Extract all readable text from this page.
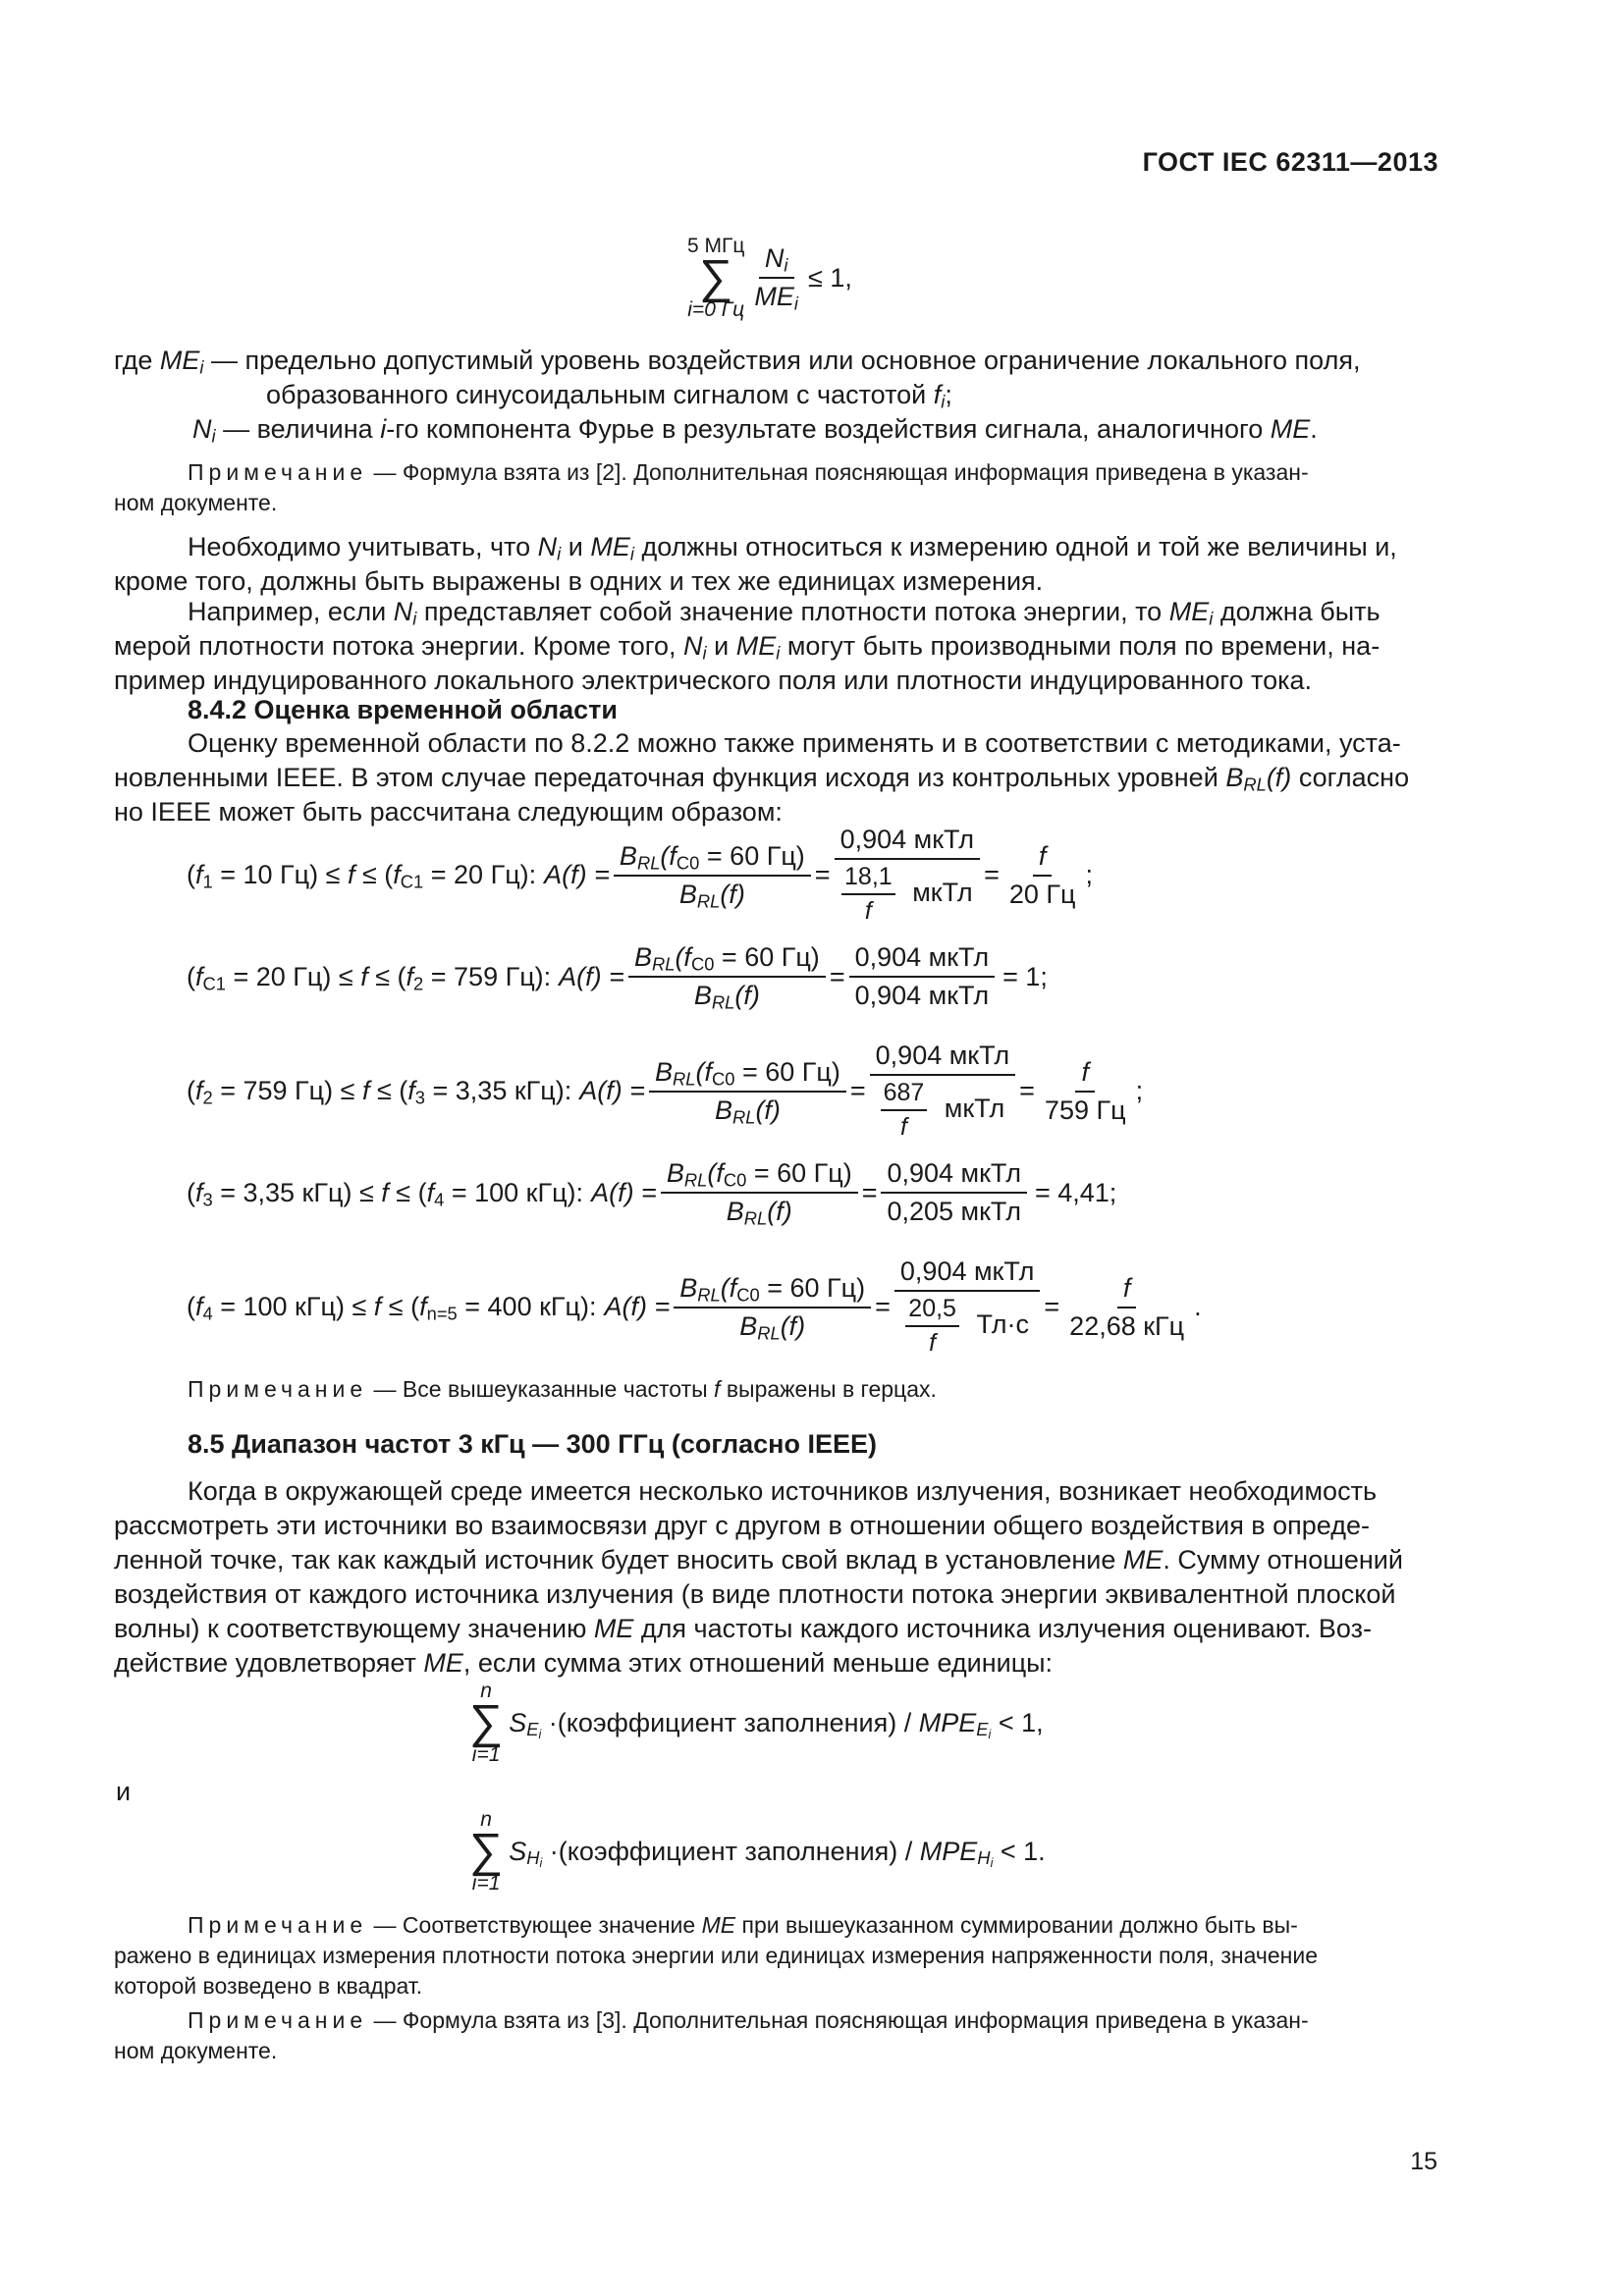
ГОСТ IEC 62311—2013
5 МГц
∑
i=0 Гц $\frac{N_i}{ME_i} \le 1$,
где $ME_i$ — предельно допустимый уровень воздействия или основное ограничение локального поля,
образованного синусоидальным сигналом с частотой $f_i$;
$N_i$ — величина i-го компонента Фурье в результате воздействия сигнала, аналогичного ME.
Примечание — Формула взята из [2]. Дополнительная поясняющая информация приведена в указан-
ном документе.
Необходимо учитывать, что $N_i$ и $ME_i$ должны относиться к измерению одной и той же величины и,
кроме того, должны быть выражены в одних и тех же единицах измерения.
Например, если $N_i$ представляет собой значение плотности потока энергии, то $ME_i$ должна быть
мерой плотности потока энергии. Кроме того, $N_i$ и $ME_i$ могут быть производными поля по времени, на-
пример индуцированного локального электрического поля или плотности индуцированного тока.
8.4.2 Оценка временной области
Оценку временной области по 8.2.2 можно также применять и в соответствии с методиками, уста-
новленными IEEE. В этом случае передаточная функция исходя из контрольных уровней $B_{RL}(f)$ согласно
но IEEE может быть рассчитана следующим образом:
($f_1 = 10$ $Гц) \le f \le (f_{C1} = 20$ Гц): $A(f) = \frac{B_{RL}(f_{C0} = 60 Гц)}{B_{RL}(f)} = \frac{\text{0,904 мкТл}}{\frac{18,1}{f} мкТл} = \frac{f}{20 Гц}$ ;
($f_{C1} = 20$ $Гц) \le f \le (f_2 = 759$ Гц): $A(f) = \frac{B_{RL}(f_{C0} = 60 Гц)}{B_{RL}(f)} = \frac{\text{0,904 мкТл}}{\text{0,904 мкТл}} = 1$;
($f_2 = 759$ $Гц) \le f \le (f_3 = 3,35$ кГц): $A(f) = \frac{B_{RL}(f_{C0} = 60 Гц)}{B_{RL}(f)} = \frac{\text{0,904 мкТл}}{\frac{687}{f} мкТл} = \frac{f}{759 Гц}$ ;
($f_3 = 3,35$ $кГц) \le f \le (f_4 = 100$ кГц): $A(f) = \frac{B_{RL}(f_{C0} = 60 Гц)}{B_{RL}(f)} = \frac{\text{0,904 мкТл}}{\text{0,205 мкТл}} = 4,41$;
($f_4 = 100$ $кГц) \le f \le (f_{n=5} = 400$ кГц): $A(f) = \frac{B_{RL}(f_{C0} = 60 Гц)}{B_{RL}(f)} = \frac{\text{0,904 мкТл}}{\frac{20,5}{f} Тл\cdot с} = \frac{f}{\text{22,68 кГц}}$ .
Примечание — Все вышеуказанные частоты f выражены в герцах.
8.5 Диапазон частот 3 кГц — 300 ГГц (согласно IEEE)
Когда в окружающей среде имеется несколько источников излучения, возникает необходимость
рассмотреть эти источники во взаимосвязи друг с другом в отношении общего воздействия в опреде-
ленной точке, так как каждый источник будет вносить свой вклад в установление ME. Сумму отношений
воздействия от каждого источника излучения (в виде плотности потока энергии эквивалентной плоской
волны) к соответствующему значению ME для частоты каждого источника излучения оценивают. Воз-
действие удовлетворяет ME, если сумма этих отношений меньше единицы:
n
∑
i=1
$S_{E_i}$ ·(коэффициент заполнения) / $MPE_{E_i} < 1$,
и
n
∑
i=1
$S_{H_i}$ ·(коэффициент заполнения) / $MPE_{H_i} < 1$.
Примечание — Соответствующее значение ME при вышеуказанном суммировании должно быть вы-
ражено в единицах измерения плотности потока энергии или единицах измерения напряженности поля, значение
которой возведено в квадрат.
Примечание — Формула взята из [3]. Дополнительная поясняющая информация приведена в указан-
ном документе.
15
